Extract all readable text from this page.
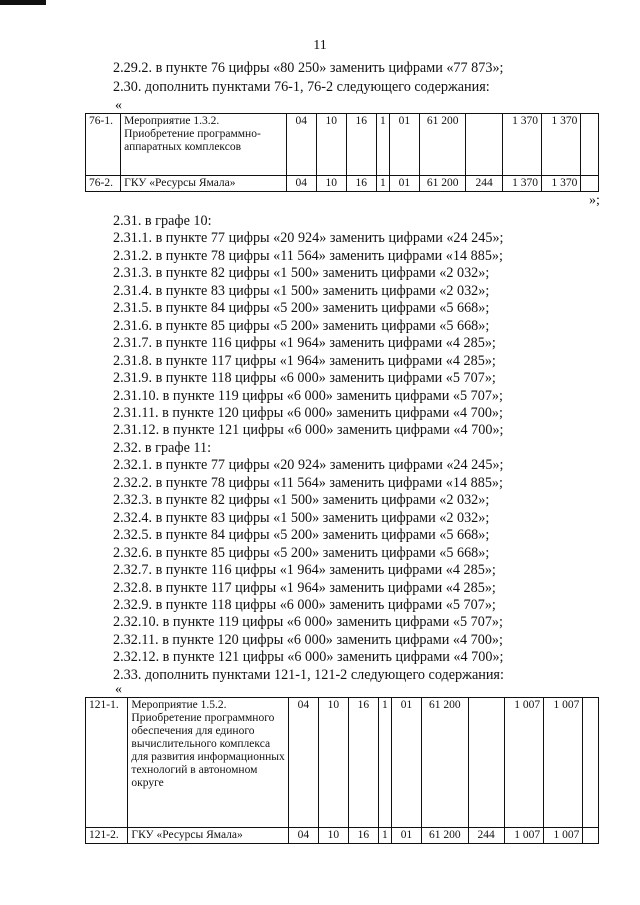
11
2.29.2. в пункте 76 цифры «80 250» заменить цифрами «77 873»;
2.30. дополнить пунктами 76-1, 76-2 следующего содержания:
«
76-1.	Мероприятие 1.3.2. Приобретение программно-аппаратных комплексов	04	10	16	1	01	61 200		1 370	1 370	
76-2.	ГКУ «Ресурсы Ямала»	04	10	16	1	01	61 200	244	1 370	1 370	
»;
2.31. в графе 10:
2.31.1. в пункте 77 цифры «20 924» заменить цифрами «24 245»;
2.31.2. в пункте 78 цифры «11 564» заменить цифрами «14 885»;
2.31.3. в пункте 82 цифры «1 500» заменить цифрами «2 032»;
2.31.4. в пункте 83 цифры «1 500» заменить цифрами «2 032»;
2.31.5. в пункте 84 цифры «5 200» заменить цифрами «5 668»;
2.31.6. в пункте 85 цифры «5 200» заменить цифрами «5 668»;
2.31.7. в пункте 116 цифры «1 964» заменить цифрами «4 285»;
2.31.8. в пункте 117 цифры «1 964» заменить цифрами «4 285»;
2.31.9. в пункте 118 цифры «6 000» заменить цифрами «5 707»;
2.31.10. в пункте 119 цифры «6 000» заменить цифрами «5 707»;
2.31.11. в пункте 120 цифры «6 000» заменить цифрами «4 700»;
2.31.12. в пункте 121 цифры «6 000» заменить цифрами «4 700»;
2.32. в графе 11:
2.32.1. в пункте 77 цифры «20 924» заменить цифрами «24 245»;
2.32.2. в пункте 78 цифры «11 564» заменить цифрами «14 885»;
2.32.3. в пункте 82 цифры «1 500» заменить цифрами «2 032»;
2.32.4. в пункте 83 цифры «1 500» заменить цифрами «2 032»;
2.32.5. в пункте 84 цифры «5 200» заменить цифрами «5 668»;
2.32.6. в пункте 85 цифры «5 200» заменить цифрами «5 668»;
2.32.7. в пункте 116 цифры «1 964» заменить цифрами «4 285»;
2.32.8. в пункте 117 цифры «1 964» заменить цифрами «4 285»;
2.32.9. в пункте 118 цифры «6 000» заменить цифрами «5 707»;
2.32.10. в пункте 119 цифры «6 000» заменить цифрами «5 707»;
2.32.11. в пункте 120 цифры «6 000» заменить цифрами «4 700»;
2.32.12. в пункте 121 цифры «6 000» заменить цифрами «4 700»;
2.33. дополнить пунктами 121-1, 121-2 следующего содержания:
«
121-1.	Мероприятие 1.5.2. Приобретение программного обеспечения для единого вычислительного комплекса для развития информационных технологий в автономном округе	04	10	16	1	01	61 200		1 007	1 007	
121-2.	ГКУ «Ресурсы Ямала»	04	10	16	1	01	61 200	244	1 007	1 007	
